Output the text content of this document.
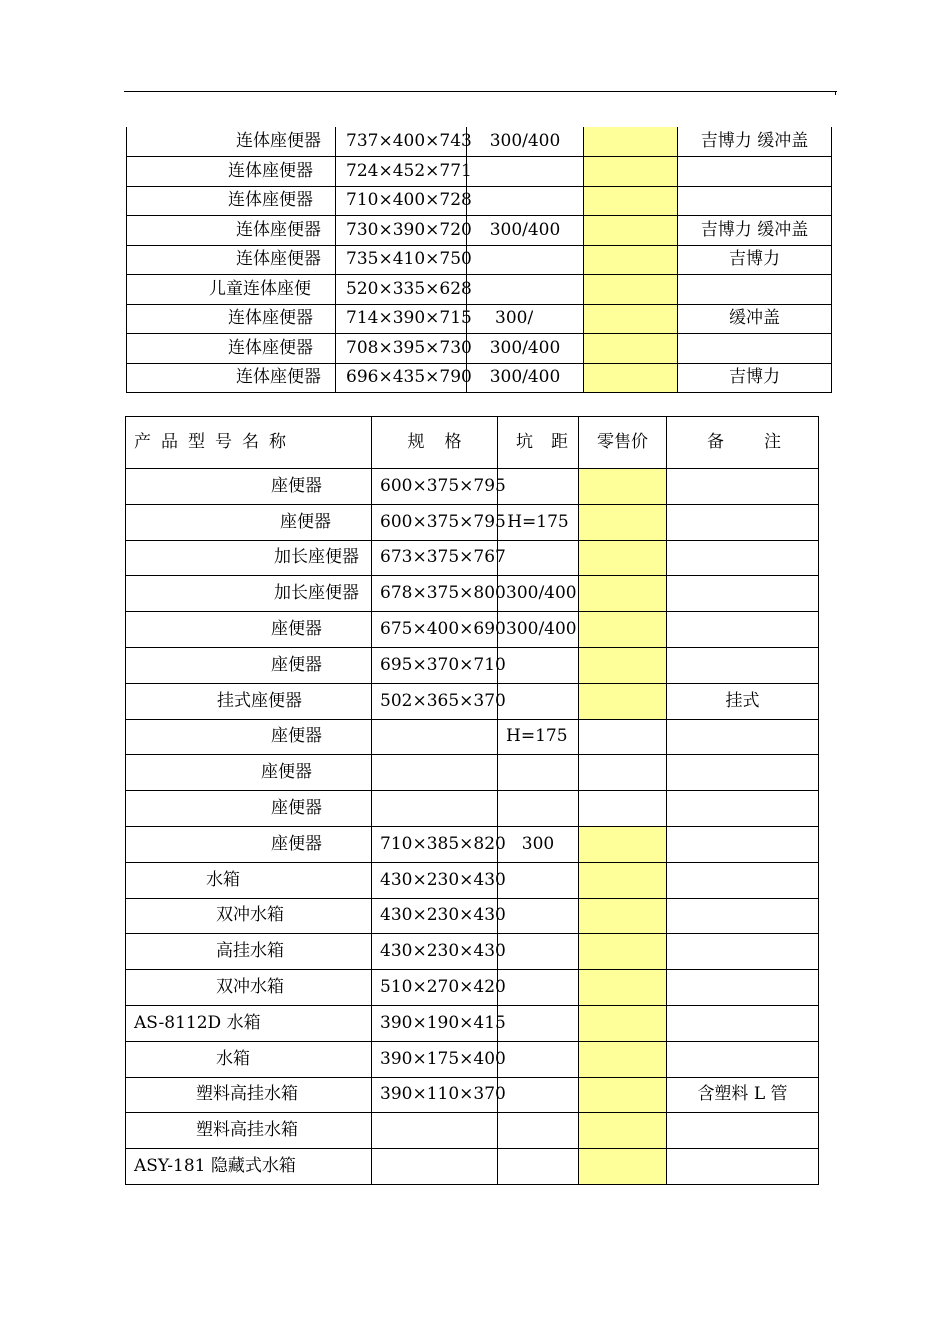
连体座便器	737×400×743	300/400		吉博力 缓冲盖
连体座便器	724×452×771			
连体座便器	710×400×728			
连体座便器	730×390×720	300/400		吉博力 缓冲盖
连体座便器	735×410×750			吉博力
儿童连体座便	520×335×628			
连体座便器	714×390×715	300/		缓冲盖
连体座便器	708×395×730	300/400		
连体座便器	696×435×790	300/400		吉博力
产品型号名称	规格	坑距	零售价	备注
座便器	600×375×795			
座便器	600×375×795	H=175		
加长座便器	673×375×767			
加长座便器	678×375×800	300/400		
座便器	675×400×690	300/400		
座便器	695×370×710			
挂式座便器	502×365×370			挂式
座便器		H=175		
座便器				
座便器				
座便器	710×385×820	300		
水箱	430×230×430			
双冲水箱	430×230×430			
高挂水箱	430×230×430			
双冲水箱	510×270×420			
AS-8112D 水箱	390×190×415			
水箱	390×175×400			
塑料高挂水箱	390×110×370			含塑料 L 管
塑料高挂水箱				
ASY-181 隐藏式水箱				
